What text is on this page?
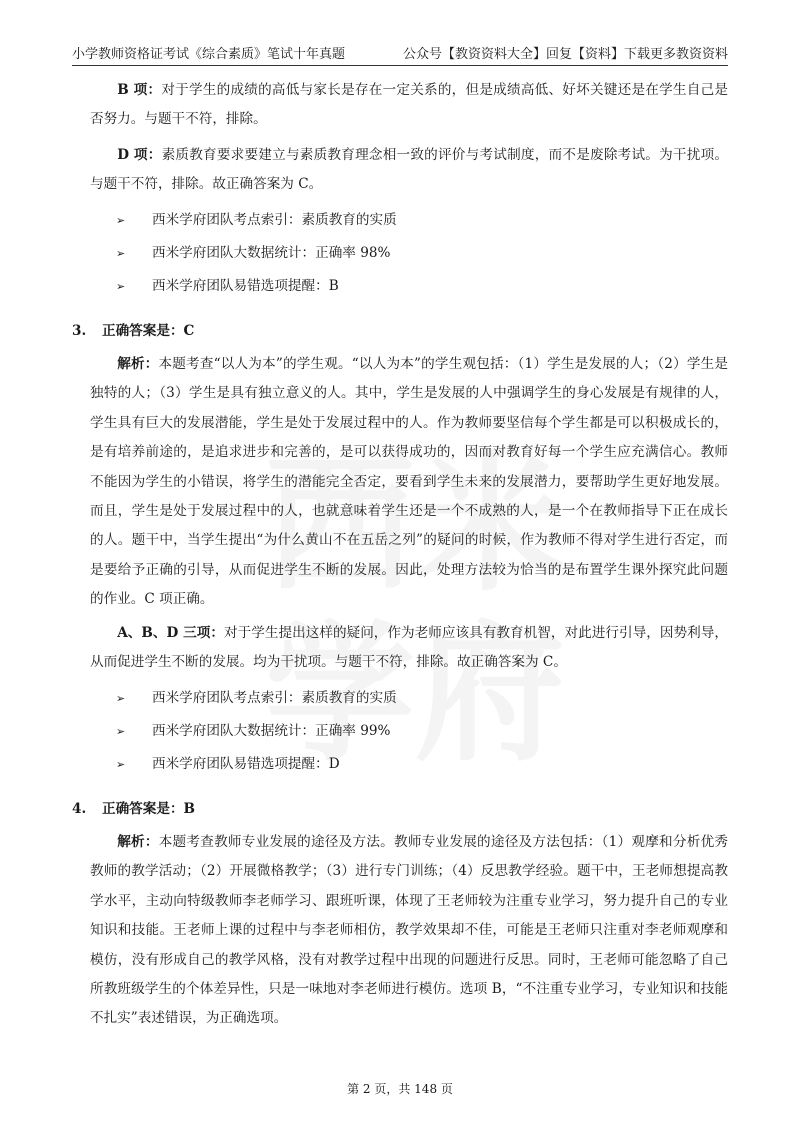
小学教师资格证考试《综合素质》笔试十年真题	公众号【教资资料大全】回复【资料】下载更多教资资料

B 项：对于学生的成绩的高低与家长是存在一定关系的，但是成绩高低、好坏关键还是在学生自己是否努力。与题干不符，排除。

D 项：素质教育要求要建立与素质教育理念相一致的评价与考试制度，而不是废除考试。为干扰项。与题干不符，排除。故正确答案为 C。

➢ 西米学府团队考点索引：素质教育的实质
➢ 西米学府团队大数据统计：正确率 98%
➢ 西米学府团队易错选项提醒：B
3. 正确答案是：C

解析：本题考查“以人为本”的学生观。“以人为本”的学生观包括：（1）学生是发展的人；（2）学生是独特的人；（3）学生是具有独立意义的人。其中，学生是发展的人中强调学生的身心发展是有规律的人，学生具有巨大的发展潜能，学生是处于发展过程中的人。作为教师要坚信每个学生都是可以积极成长的，是有培养前途的，是追求进步和完善的，是可以获得成功的，因而对教育好每一个学生应充满信心。教师不能因为学生的小错误，将学生的潜能完全否定，要看到学生未来的发展潜力，要帮助学生更好地发展。而且，学生是处于发展过程中的人，也就意味着学生还是一个不成熟的人，是一个在教师指导下正在成长的人。题干中，当学生提出“为什么黄山不在五岳之列”的疑问的时候，作为教师不得对学生进行否定，而是要给予正确的引导，从而促进学生不断的发展。因此，处理方法较为恰当的是布置学生课外探究此问题的作业。C 项正确。

A、B、D 三项：对于学生提出这样的疑问，作为老师应该具有教育机智，对此进行引导，因势利导，从而促进学生不断的发展。均为干扰项。与题干不符，排除。故正确答案为 C。

➢ 西米学府团队考点索引：素质教育的实质
➢ 西米学府团队大数据统计：正确率 99%
➢ 西米学府团队易错选项提醒：D
4. 正确答案是：B

解析：本题考查教师专业发展的途径及方法。教师专业发展的途径及方法包括：（1）观摩和分析优秀教师的教学活动；（2）开展微格教学；（3）进行专门训练；（4）反思教学经验。题干中，王老师想提高教学水平，主动向特级教师李老师学习、跟班听课，体现了王老师较为注重专业学习，努力提升自己的专业知识和技能。王老师上课的过程中与李老师相仿，教学效果却不佳，可能是王老师只注重对李老师观摩和模仿，没有形成自己的教学风格，没有对教学过程中出现的问题进行反思。同时，王老师可能忽略了自己所教班级学生的个体差异性，只是一味地对李老师进行模仿。选项 B，“不注重专业学习，专业知识和技能不扎实”表述错误，为正确选项。

第 2 页，共 148 页
